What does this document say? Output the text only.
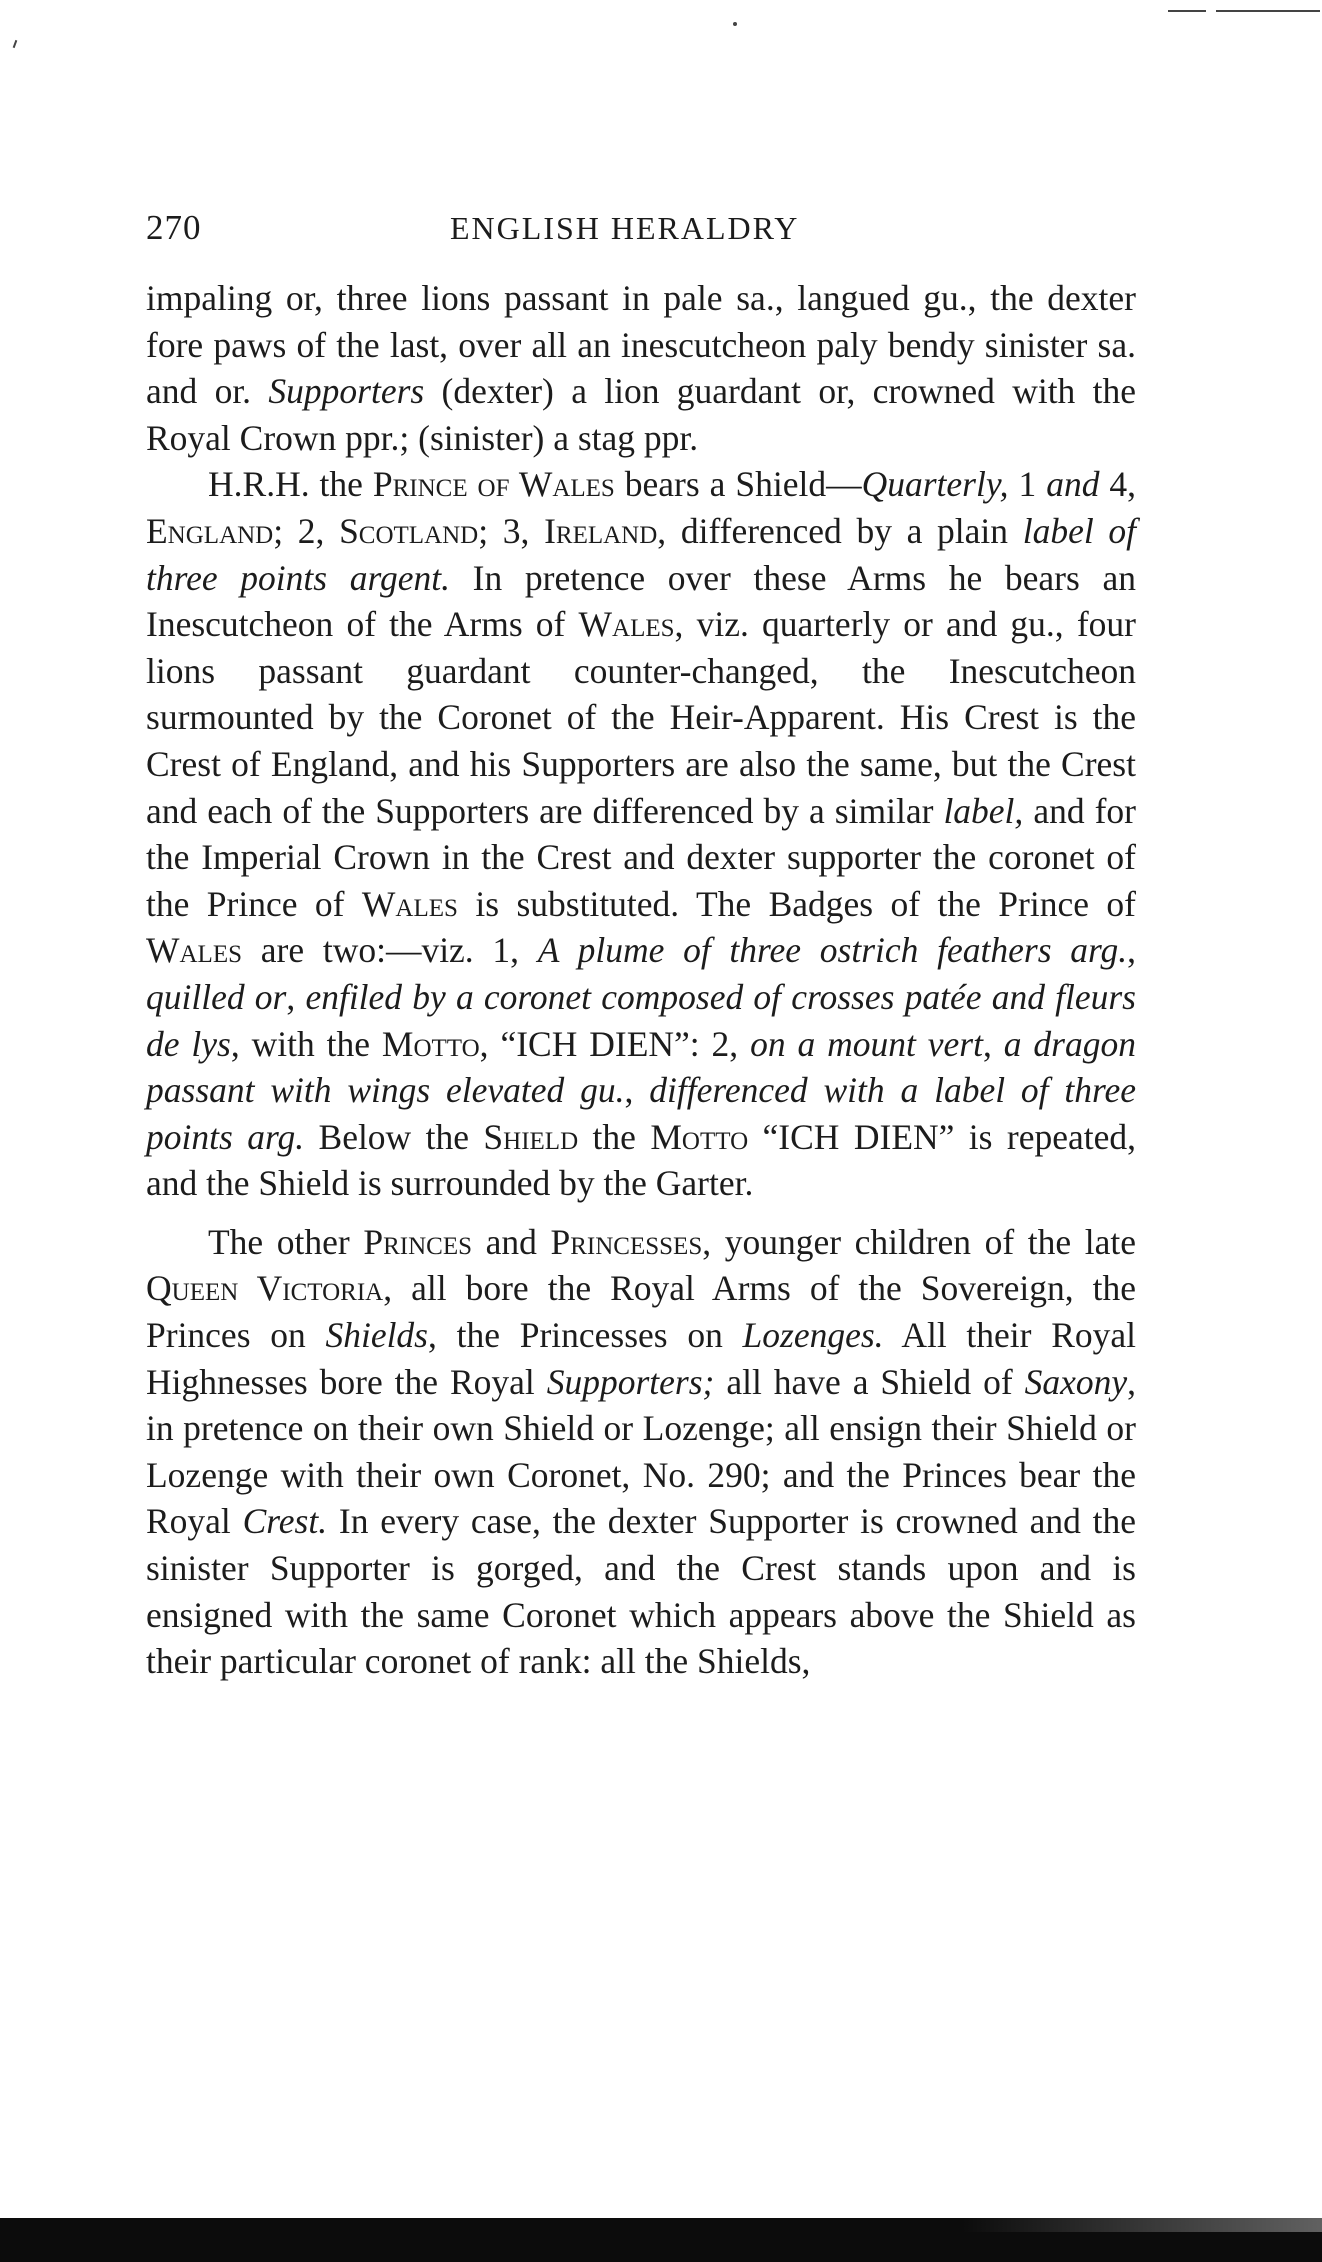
270	ENGLISH HERALDRY

impaling or, three lions passant in pale sa., langued gu., the dexter fore paws of the last, over all an inescutcheon paly bendy sinister sa. and or. Supporters (dexter) a lion guardant or, crowned with the Royal Crown ppr.; (sinister) a stag ppr.

H.R.H. the Prince of Wales bears a Shield—Quarterly, 1 and 4, England; 2, Scotland; 3, Ireland, differenced by a plain label of three points argent. In pretence over these Arms he bears an Inescutcheon of the Arms of Wales, viz. quarterly or and gu., four lions passant guardant counter-changed, the Inescutcheon surmounted by the Coronet of the Heir-Apparent. His Crest is the Crest of England, and his Supporters are also the same, but the Crest and each of the Supporters are differenced by a similar label, and for the Imperial Crown in the Crest and dexter supporter the coronet of the Prince of Wales is substituted. The Badges of the Prince of Wales are two:—viz. 1, A plume of three ostrich feathers arg., quilled or, enfiled by a coronet composed of crosses patée and fleurs de lys, with the Motto, “ICH DIEN”: 2, on a mount vert, a dragon passant with wings elevated gu., differenced with a label of three points arg. Below the Shield the Motto “ICH DIEN” is repeated, and the Shield is surrounded by the Garter.

The other Princes and Princesses, younger children of the late Queen Victoria, all bore the Royal Arms of the Sovereign, the Princes on Shields, the Princesses on Lozenges. All their Royal Highnesses bore the Royal Supporters; all have a Shield of Saxony, in pretence on their own Shield or Lozenge; all ensign their Shield or Lozenge with their own Coronet, No. 290; and the Princes bear the Royal Crest. In every case, the dexter Supporter is crowned and the sinister Supporter is gorged, and the Crest stands upon and is ensigned with the same Coronet which appears above the Shield as their particular coronet of rank: all the Shields,
